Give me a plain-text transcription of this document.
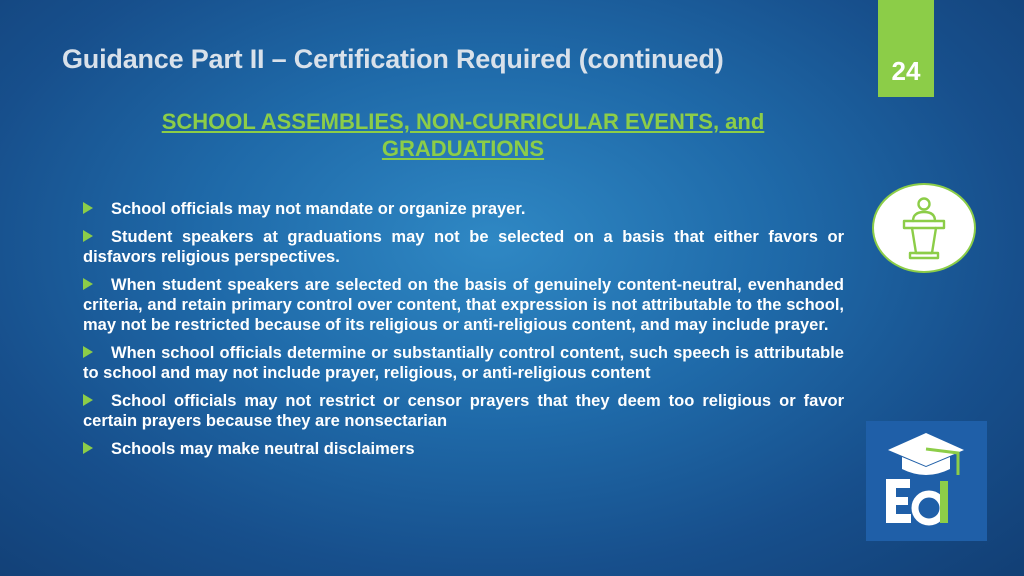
Guidance Part II – Certification Required (continued)	24
SCHOOL ASSEMBLIES, NON-CURRICULAR EVENTS, and GRADUATIONS
School officials may not mandate or organize prayer.
Student speakers at graduations may not be selected on a basis that either favors or disfavors religious perspectives.
When student speakers are selected on the basis of genuinely content-neutral, evenhanded criteria, and retain primary control over content, that expression is not attributable to the school, may not be restricted because of its religious or anti-religious content, and may include prayer.
When school officials determine or substantially control content, such speech is attributable to school and may not include prayer, religious, or anti-religious content
School officials may not restrict or censor prayers that they deem too religious or favor certain prayers because they are nonsectarian
Schools may make neutral disclaimers
